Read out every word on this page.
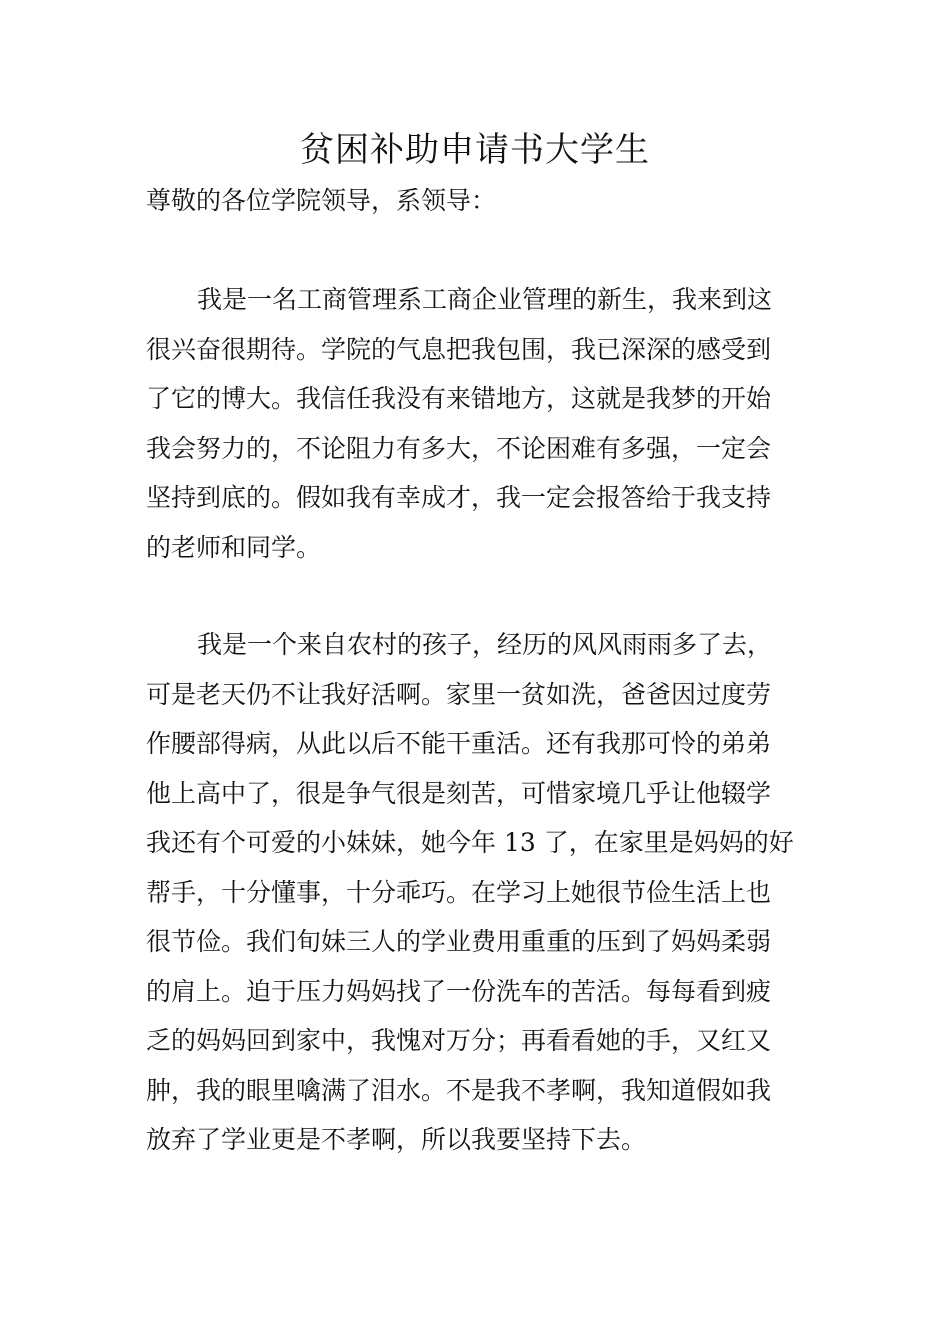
贫困补助申请书大学生
尊敬的各位学院领导，系领导：
我是一名工商管理系工商企业管理的新生，我来到这
很兴奋很期待。学院的气息把我包围，我已深深的感受到
了它的博大。我信任我没有来错地方，这就是我梦的开始
我会努力的，不论阻力有多大，不论困难有多强，一定会
坚持到底的。假如我有幸成才，我一定会报答给于我支持
的老师和同学。
我是一个来自农村的孩子，经历的风风雨雨多了去，
可是老天仍不让我好活啊。家里一贫如洗，爸爸因过度劳
作腰部得病，从此以后不能干重活。还有我那可怜的弟弟
他上高中了，很是争气很是刻苦，可惜家境几乎让他辍学
我还有个可爱的小妹妹，她今年 13 了，在家里是妈妈的好
帮手，十分懂事，十分乖巧。在学习上她很节俭生活上也
很节俭。我们旬妹三人的学业费用重重的压到了妈妈柔弱
的肩上。迫于压力妈妈找了一份洗车的苦活。每每看到疲
乏的妈妈回到家中，我愧对万分；再看看她的手，又红又
肿，我的眼里噙满了泪水。不是我不孝啊，我知道假如我
放弃了学业更是不孝啊，所以我要坚持下去。
